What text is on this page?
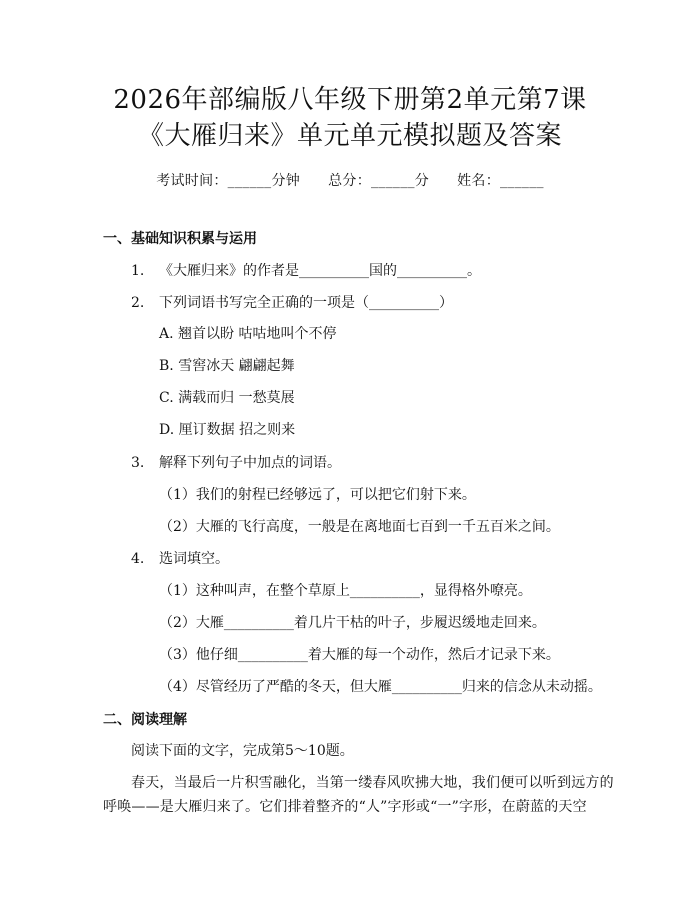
2026年部编版八年级下册第2单元第7课
《大雁归来》单元单元模拟题及答案
考试时间：______分钟 总分：______分 姓名：______
一、基础知识积累与运用
1. 《大雁归来》的作者是__________国的__________。
2. 下列词语书写完全正确的一项是（__________）
A. 翘首以盼 咕咕地叫个不停
B. 雪窖冰天 翩翩起舞
C. 满载而归 一愁莫展
D. 厘订数据 招之则来
3. 解释下列句子中加点的词语。
（1）我们的射程已经够远了，可以把它们射下来。
（2）大雁的飞行高度，一般是在离地面七百到一千五百米之间。
4. 选词填空。
（1）这种叫声，在整个草原上__________，显得格外嘹亮。
（2）大雁__________着几片干枯的叶子，步履迟缓地走回来。
（3）他仔细__________着大雁的每一个动作，然后才记录下来。
（4）尽管经历了严酷的冬天，但大雁__________归来的信念从未动摇。
二、阅读理解
阅读下面的文字，完成第5～10题。
春天，当最后一片积雪融化，当第一缕春风吹拂大地，我们便可以听到远方的
呼唤——是大雁归来了。它们排着整齐的“人”字形或“一”字形，在蔚蓝的天空
